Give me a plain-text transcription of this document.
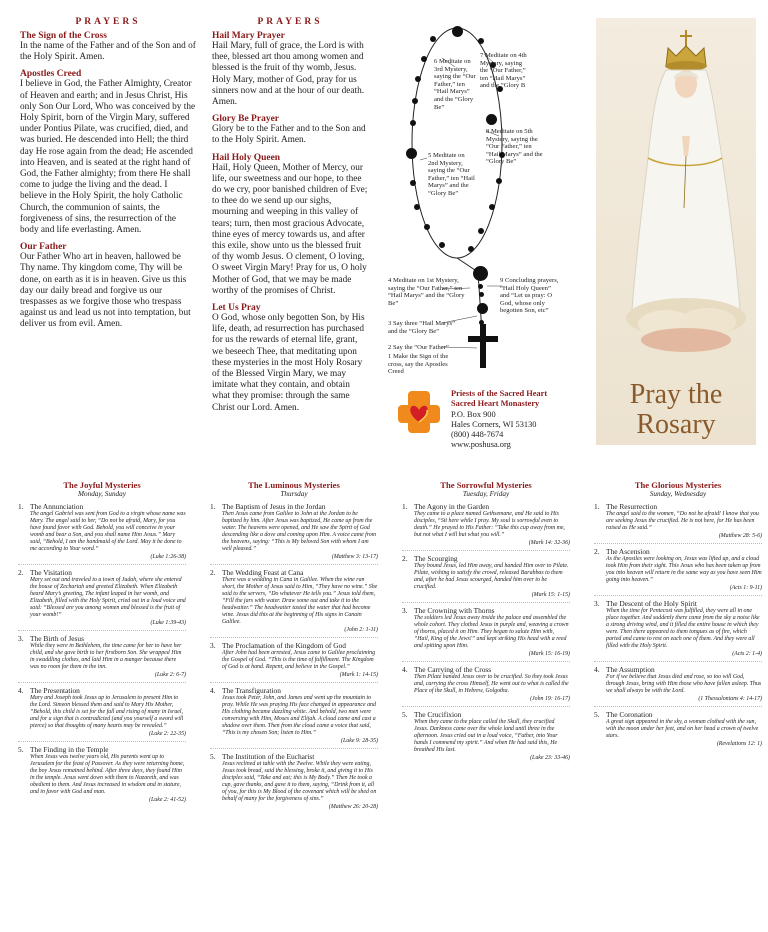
PRAYERS
The Sign of the Cross
In the name of the Father and of the Son and of the Holy Spirit. Amen.
Apostles Creed
I believe in God, the Father Almighty, Creator of Heaven and earth; and in Jesus Christ, His only Son Our Lord, Who was conceived by the Holy Spirit, born of the Virgin Mary, suffered under Pontius Pilate, was crucified, died, and was buried. He descended into Hell; the third day He rose again from the dead; He ascended into Heaven, and is seated at the right hand of God, the Father almighty; from there He shall come to judge the living and the dead. I believe in the Holy Spirit, the holy Catholic Church, the communion of saints, the forgiveness of sins, the resurrection of the body and life everlasting. Amen.
Our Father
Our Father Who art in heaven, hallowed be Thy name. Thy kingdom come, Thy will be done, on earth as it is in heaven. Give us this day our daily bread and forgive us our trespasses as we forgive those who trespass against us and lead us not into temptation, but deliver us from evil. Amen.
PRAYERS
Hail Mary Prayer
Hail Mary, full of grace, the Lord is with thee, blessed art thou among women and blessed is the fruit of thy womb, Jesus. Holy Mary, mother of God, pray for us sinners now and at the hour of our death. Amen.
Glory Be Prayer
Glory be to the Father and to the Son and to the Holy Spirit. Amen.
Hail Holy Queen
Hail, Holy Queen, Mother of Mercy, our life, our sweetness and our hope, to thee do we cry, poor banished children of Eve; to thee do we send up our sighs, mourning and weeping in this valley of tears; turn, then most gracious Advocate, thine eyes of mercy towards us, and after this exile, show unto us the blessed fruit of thy womb Jesus. O clement, O loving, O sweet Virgin Mary! Pray for us, O holy Mother of God, that we may be made worthy of the promises of Christ.
Let Us Pray
O God, whose only begotten Son, by His life, death, ad resurrection has purchased for us the rewards of eternal life, grant, we beseech Thee, that meditating upon these mysteries in the most Holy Rosary of the Blessed Virgin Mary, we may imitate what they contain, and obtain what they promise: through the same Christ our Lord. Amen.
6 Meditate on 3rd Mystery, saying the “Our Father,” ten “Hail Marys” and the “Glory Be”
7 Meditate on 4th Mystery, saying the “Our Father,” ten “Hail Marys” and the “Glory B
8 Meditate on 5th Mystery, saying the “Our Father,” ten “Hail Marys” and the “Glory Be”
5 Meditate on 2nd Mystery, saying the “Our Father,” ten “Hail Marys” and the “Glory Be”
4 Meditate on 1st Mystery, saying the “Our Father,” ten “Hail Marys” and the “Glory Be”
9 Concluding prayers, “Hail Holy Queen” and “Let us pray: O God, whose only begotten Son, etc”
3 Say three “Hail Marys” and the “Glory Be”
2 Say the “Our Father”
1 Make the Sign of the cross, say the Apostles Creed
Priests of the Sacred Heart
Sacred Heart Monastery
P.O. Box 900
Hales Corners, WI 53130
(800) 448-7674
www.poshusa.org
Pray the
Rosary
The Joyful Mysteries
Monday, Sunday
1. The Annunciation
The angel Gabriel was sent from God to a virgin whose name was Mary. The angel said to her, “Do not be afraid, Mary, for you have found favor with God. Behold, you will conceive in your womb and bear a Son, and you shall name Him Jesus.” Mary said, “Behold, I am the handmaid of the Lord. May it be done to me according to Your word.”
(Luke 1:26-38)
2. The Visitation
Mary set out and traveled to a town of Judah, where she entered the house of Zechariah and greeted Elizabeth. When Elizabeth heard Mary’s greeting, The infant leaped in her womb, and Elizabeth, filled with the Holy Spirit, cried out in a loud voice and said: “Blessed are you among women and blessed is the fruit of your womb!”
(Luke 1:39-43)
3. The Birth of Jesus
While they were in Bethlehem, the time came for her to have her child, and she gave birth to her firstborn Son. She wrapped Him in swaddling clothes, and laid Him in a manger because there was no room for them in the inn.
(Luke 2: 6-7)
4. The Presentation
Mary and Joseph took Jesus up to Jerusalem to present Him to the Lord. Simeon blessed them and said to Mary His Mother, “Behold, this child is set for the fall and rising of many in Israel, and for a sign that is contradicted (and you yourself a sword will pierce) so that thoughts of many hearts may be revealed.”
(Luke 2: 22-35)
5. The Finding in the Temple
When Jesus was twelve years old, His parents went up to Jerusalem for the feast of Passover. As they were returning home, the boy Jesus remained behind. After three days, they found Him in the temple. Jesus went down with them to Nazareth, and was obedient to them. And Jesus increased in wisdom and in stature, and in favor with God and man.
(Luke 2: 41-52)
The Luminous Mysteries
Thursday
1. The Baptism of Jesus in the Jordan
Then Jesus came from Galilee to John at the Jordan to be baptized by him. After Jesus was baptized, He came up from the water. The heavens were opened, and He saw the Spirit of God descending like a dove and coming upon Him. A voice came from the heavens, saying: “This is My beloved Son with whom I am well pleased.”
(Matthew 3: 13-17)
2. The Wedding Feast at Cana
There was a wedding in Cana in Galilee. When the wine ran short, the Mother of Jesus said to Him, “They have no wine.” She said to the servers, “Do whatever He tells you.” Jesus told them, “Fill the jars with water. Draw some out and take it to the headwaiter.” The headwaiter tasted the water that had become wine. Jesus did this at the beginning of His signs in Canain Galilee.
(John 2: 1-11)
3. The Proclamation of the Kingdom of God
After John had been arrested, Jesus came to Galilee proclaiming the Gospel of God. “This is the time of fulfillment. The Kingdom of God is at hand. Repent, and believe in the Gospel.”
(Mark 1: 14-15)
4. The Transfiguration
Jesus took Peter, John, and James and went up the mountain to pray. While He was praying His face changed in appearance and His clothing became dazzling white. And behold, two men were conversing with Him, Moses and Elijah. A cloud came and cast a shadow over them. Then from the cloud came a voice that said, “This is my chosen Son; listen to Him.”
(Luke 9: 28-35)
5. The Institution of the Eucharist
Jesus reclined at table with the Twelve. While they were eating, Jesus took bread, said the blessing, broke it, and giving it to His disciples said, “Take and eat; this is My Body.” Then He took a cup, gave thanks, and gave it to them, saying, “Drink from it, all of you, for this is My Blood of the covenant which will be shed on behalf of many for the forgiveness of sins.”
(Matthew 26: 20-28)
The Sorrowful Mysteries
Tuesday, Friday
1. The Agony in the Garden
They came to a place named Gethsemane, and He said to His disciples, “Sit here while I pray. My soul is sorrowful even to death.” He prayed to His Father: “Take this cup away from me, but not what I will but what you will.”
(Mark 14: 32-36)
2. The Scourging
They bound Jesus, led Him away, and handed Him over to Pilate. Pilate, wishing to satisfy the crowd, released Barabbas to them and, after he had Jesus scourged, handed him over to be crucified.
(Mark 15: 1-15)
3. The Crowning with Thorns
The soldiers led Jesus away inside the palace and assembled the whole cohort. They clothed Jesus in purple and, weaving a crown of thorns, placed it on Him. They began to salute Him with, “Hail, King of the Jews!” and kept striking His head with a reed and spitting upon Him.
(Mark 15: 16-19)
4. The Carrying of the Cross
Then Pilate handed Jesus over to be crucified. So they took Jesus and, carrying the cross Himself, He went out to what is called the Place of the Skull, in Hebrew, Golgotha.
(John 19: 16-17)
5. The Crucifixion
When they came to the place called the Skull, they crucified Jesus. Darkness came over the whole land until three in the afternoon. Jesus cried out in a loud voice, “Father, into Your hands I commend my spirit.” And when He had said this, He breathed His last.
(Luke 23: 33-46)
The Glorious Mysteries
Sunday, Wednesday
1. The Resurrection
The angel said to the women, “Do not be afraid! I know that you are seeking Jesus the crucified. He is not here, for He has been raised as He said.”
(Matthew 28: 5-6)
2. The Ascension
As the Apostles were looking on, Jesus was lifted up, and a cloud took Him from their sight. This Jesus who has been taken up from you into heaven will return in the same way as you have seen Him going into heaven.”
(Acts 1: 9-11)
3. The Descent of the Holy Spirit
When the time for Pentecost was fulfilled, they were all in one place together. And suddenly there came from the sky a noise like a strong driving wind, and it filled the entire house in which they were. Then there appeared to them tongues as of fire, which parted and came to rest on each one of them. And they were all filled with the Holy Spirit.
(Acts 2: 1-4)
4. The Assumption
For if we believe that Jesus died and rose, so too will God, through Jesus, bring with Him those who have fallen asleep. Thus we shall always be with the Lord.
(1 Thessalonians 4: 14-17)
5. The Coronation
A great sign appeared in the sky, a woman clothed with the sun, with the moon under her feet, and on her head a crown of twelve stars.
(Revelations 12: 1)
